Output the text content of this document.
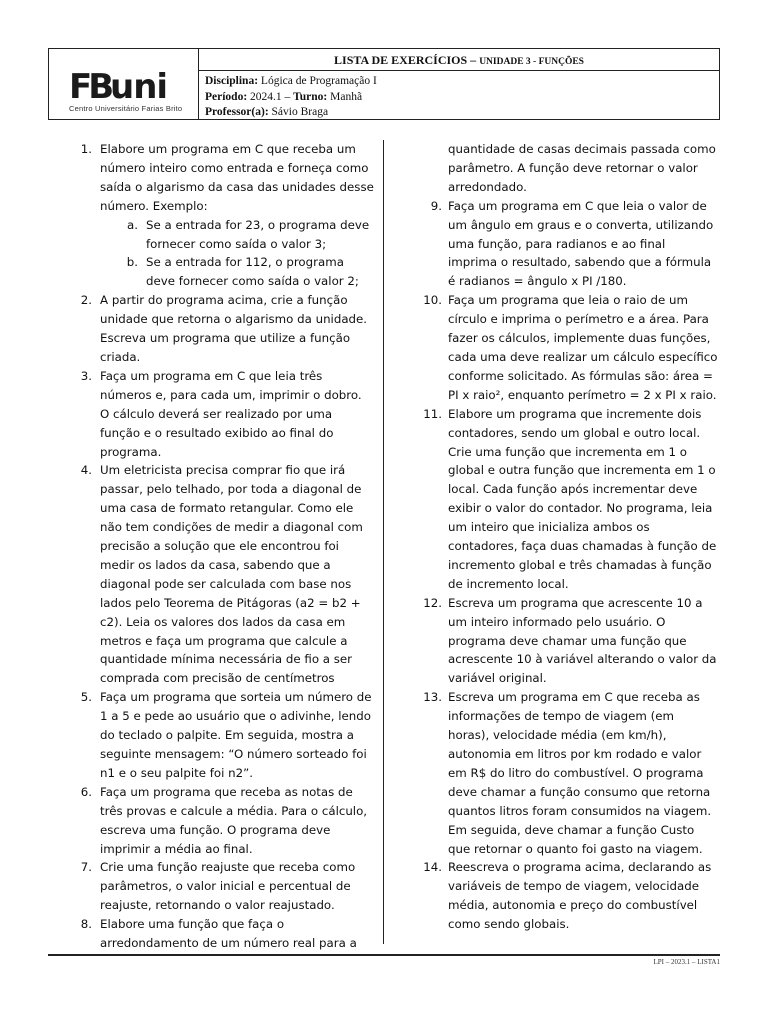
FB uni
Centro Universitário Farias Brito
LISTA DE EXERCÍCIOS – UNIDADE 3 - FUNÇÕES
Disciplina: Lógica de Programação I
Período: 2024.1 – Turno: Manhã
Professor(a): Sávio Braga
1. Elabore um programa em C que receba um número inteiro como entrada e forneça como saída o algarismo da casa das unidades desse número. Exemplo:
a. Se a entrada for 23, o programa deve fornecer como saída o valor 3;
b. Se a entrada for 112, o programa deve fornecer como saída o valor 2;
2. A partir do programa acima, crie a função unidade que retorna o algarismo da unidade. Escreva um programa que utilize a função criada.
3. Faça um programa em C que leia três números e, para cada um, imprimir o dobro. O cálculo deverá ser realizado por uma função e o resultado exibido ao final do programa.
4. Um eletricista precisa comprar fio que irá passar, pelo telhado, por toda a diagonal de uma casa de formato retangular. Como ele não tem condições de medir a diagonal com precisão a solução que ele encontrou foi medir os lados da casa, sabendo que a diagonal pode ser calculada com base nos lados pelo Teorema de Pitágoras (a2 = b2 + c2). Leia os valores dos lados da casa em metros e faça um programa que calcule a quantidade mínima necessária de fio a ser comprada com precisão de centímetros
5. Faça um programa que sorteia um número de 1 a 5 e pede ao usuário que o adivinhe, lendo do teclado o palpite. Em seguida, mostra a seguinte mensagem: “O número sorteado foi n1 e o seu palpite foi n2”.
6. Faça um programa que receba as notas de três provas e calcule a média. Para o cálculo, escreva uma função. O programa deve imprimir a média ao final.
7. Crie uma função reajuste que receba como parâmetros, o valor inicial e percentual de reajuste, retornando o valor reajustado.
8. Elabore uma função que faça o arredondamento de um número real para a
quantidade de casas decimais passada como parâmetro. A função deve retornar o valor arredondado.
9. Faça um programa em C que leia o valor de um ângulo em graus e o converta, utilizando uma função, para radianos e ao final imprima o resultado, sabendo que a fórmula é radianos = ângulo x PI /180.
10. Faça um programa que leia o raio de um círculo e imprima o perímetro e a área. Para fazer os cálculos, implemente duas funções, cada uma deve realizar um cálculo específico conforme solicitado. As fórmulas são: área = PI x raio², enquanto perímetro = 2 x PI x raio.
11. Elabore um programa que incremente dois contadores, sendo um global e outro local. Crie uma função que incrementa em 1 o global e outra função que incrementa em 1 o local. Cada função após incrementar deve exibir o valor do contador. No programa, leia um inteiro que inicializa ambos os contadores, faça duas chamadas à função de incremento global e três chamadas à função de incremento local.
12. Escreva um programa que acrescente 10 a um inteiro informado pelo usuário. O programa deve chamar uma função que acrescente 10 à variável alterando o valor da variável original.
13. Escreva um programa em C que receba as informações de tempo de viagem (em horas), velocidade média (em km/h), autonomia em litros por km rodado e valor em R$ do litro do combustível. O programa deve chamar a função consumo que retorna quantos litros foram consumidos na viagem. Em seguida, deve chamar a função Custo que retornar o quanto foi gasto na viagem.
14. Reescreva o programa acima, declarando as variáveis de tempo de viagem, velocidade média, autonomia e preço do combustível como sendo globais.
LPI – 2023.1 – LISTA1
